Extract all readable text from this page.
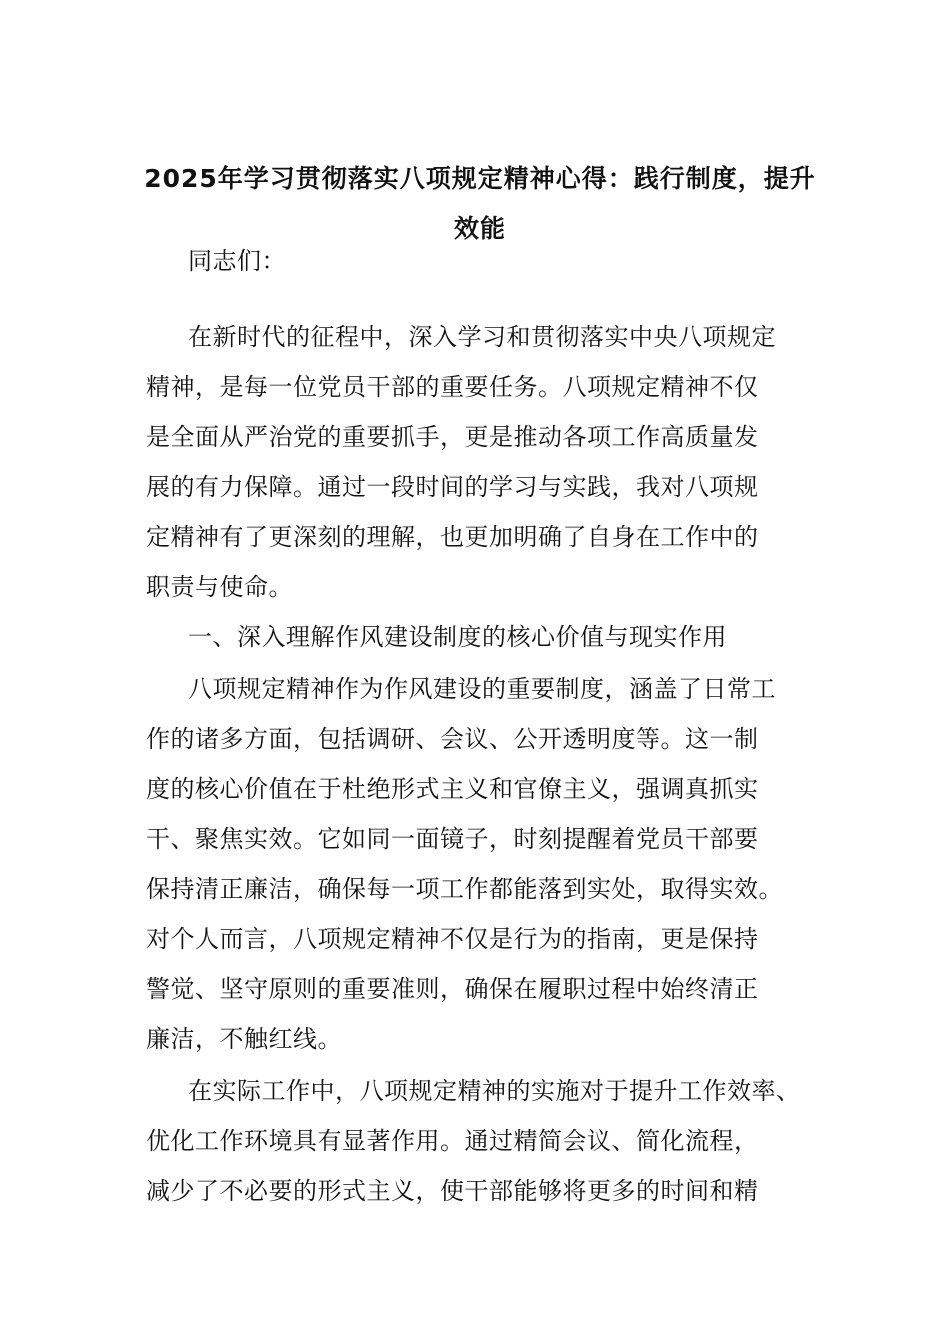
2025年学习贯彻落实八项规定精神心得：践行制度，提升
效能
同志们：
在新时代的征程中，深入学习和贯彻落实中央八项规定
精神，是每一位党员干部的重要任务。八项规定精神不仅
是全面从严治党的重要抓手，更是推动各项工作高质量发
展的有力保障。通过一段时间的学习与实践，我对八项规
定精神有了更深刻的理解，也更加明确了自身在工作中的
职责与使命。
一、深入理解作风建设制度的核心价值与现实作用
八项规定精神作为作风建设的重要制度，涵盖了日常工
作的诸多方面，包括调研、会议、公开透明度等。这一制
度的核心价值在于杜绝形式主义和官僚主义，强调真抓实
干、聚焦实效。它如同一面镜子，时刻提醒着党员干部要
保持清正廉洁，确保每一项工作都能落到实处，取得实效。
对个人而言，八项规定精神不仅是行为的指南，更是保持
警觉、坚守原则的重要准则，确保在履职过程中始终清正
廉洁，不触红线。
在实际工作中，八项规定精神的实施对于提升工作效率、
优化工作环境具有显著作用。通过精简会议、简化流程，
减少了不必要的形式主义，使干部能够将更多的时间和精
